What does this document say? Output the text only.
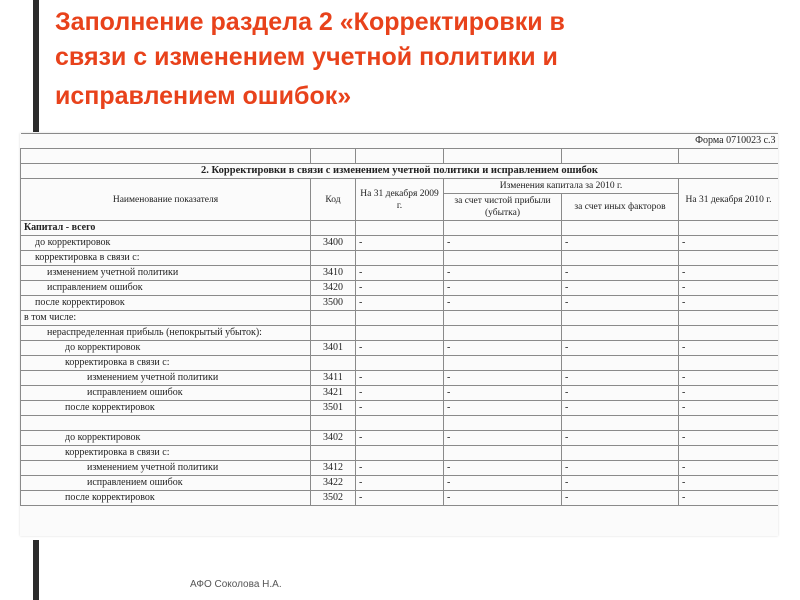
Заполнение раздела 2 «Корректировки в
связи с изменением учетной политики и
исправлением ошибок»
				Форма 0710023 с.3	

2. Корректировки в связи с изменением учетной политики и исправлением ошибок					
Наименование показателя	Код	На 31 декабря 2009 г.	Изменения капитала за 2010 г.		На 31 декабря 2010 г.
			за счет чистой прибыли (убытка)	за счет иных факторов	
Капитал - всего					
до корректировок	3400	-	-	-	-
корректировка в связи с:					
изменением учетной политики	3410	-	-	-	-
исправлением ошибок	3420	-	-	-	-
после корректировок	3500	-	-	-	-
в том числе:					
нераспределенная прибыль (непокрытый убыток):					
до корректировок	3401	-	-	-	-
корректировка в связи с:					
изменением учетной политики	3411	-	-	-	-
исправлением ошибок	3421	-	-	-	-
после корректировок	3501	-	-	-	-

до корректировок	3402	-	-	-	-
корректировка в связи с:					
изменением учетной политики	3412	-	-	-	-
исправлением ошибок	3422	-	-	-	-
после корректировок	3502	-	-	-	-
АФО Соколова Н.А.
